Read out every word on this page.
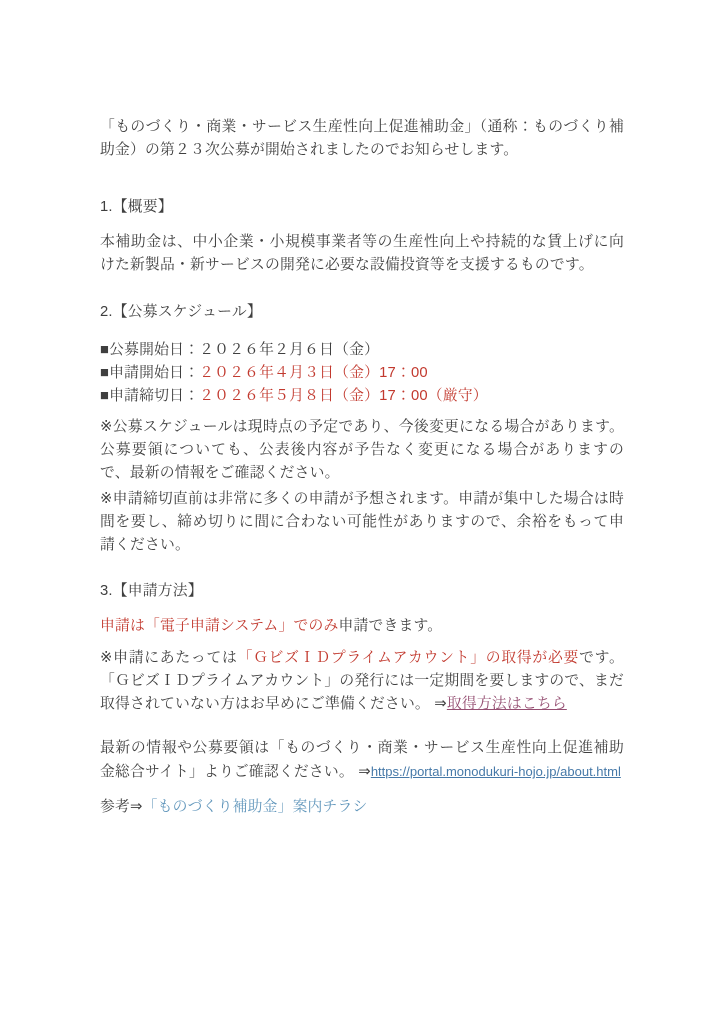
「ものづくり・商業・サービス生産性向上促進補助金」（通称：ものづくり補助金）の第２３次公募が開始されましたのでお知らせします。
1.【概要】
本補助金は、中小企業・小規模事業者等の生産性向上や持続的な賃上げに向けた新製品・新サービスの開発に必要な設備投資等を支援するものです。
2.【公募スケジュール】
■公募開始日：２０２６年２月６日（金）
■申請開始日：２０２６年４月３日（金）17：00
■申請締切日：２０２６年５月８日（金）17：00（厳守）
※公募スケジュールは現時点の予定であり、今後変更になる場合があります。公募要領についても、公表後内容が予告なく変更になる場合がありますので、最新の情報をご確認ください。
※申請締切直前は非常に多くの申請が予想されます。申請が集中した場合は時間を要し、締め切りに間に合わない可能性がありますので、余裕をもって申請ください。
3.【申請方法】
申請は「電子申請システム」でのみ申請できます。
※申請にあたっては「ＧビズＩＤプライムアカウント」の取得が必要です。「ＧビズＩＤプライムアカウント」の発行には一定期間を要しますので、まだ取得されていない方はお早めにご準備ください。 ⇒取得方法はこちら
最新の情報や公募要領は「ものづくり・商業・サービス生産性向上促進補助金総合サイト」よりご確認ください。 ⇒https://portal.monodukuri-hojo.jp/about.html
参考⇒「ものづくり補助金」案内チラシ
